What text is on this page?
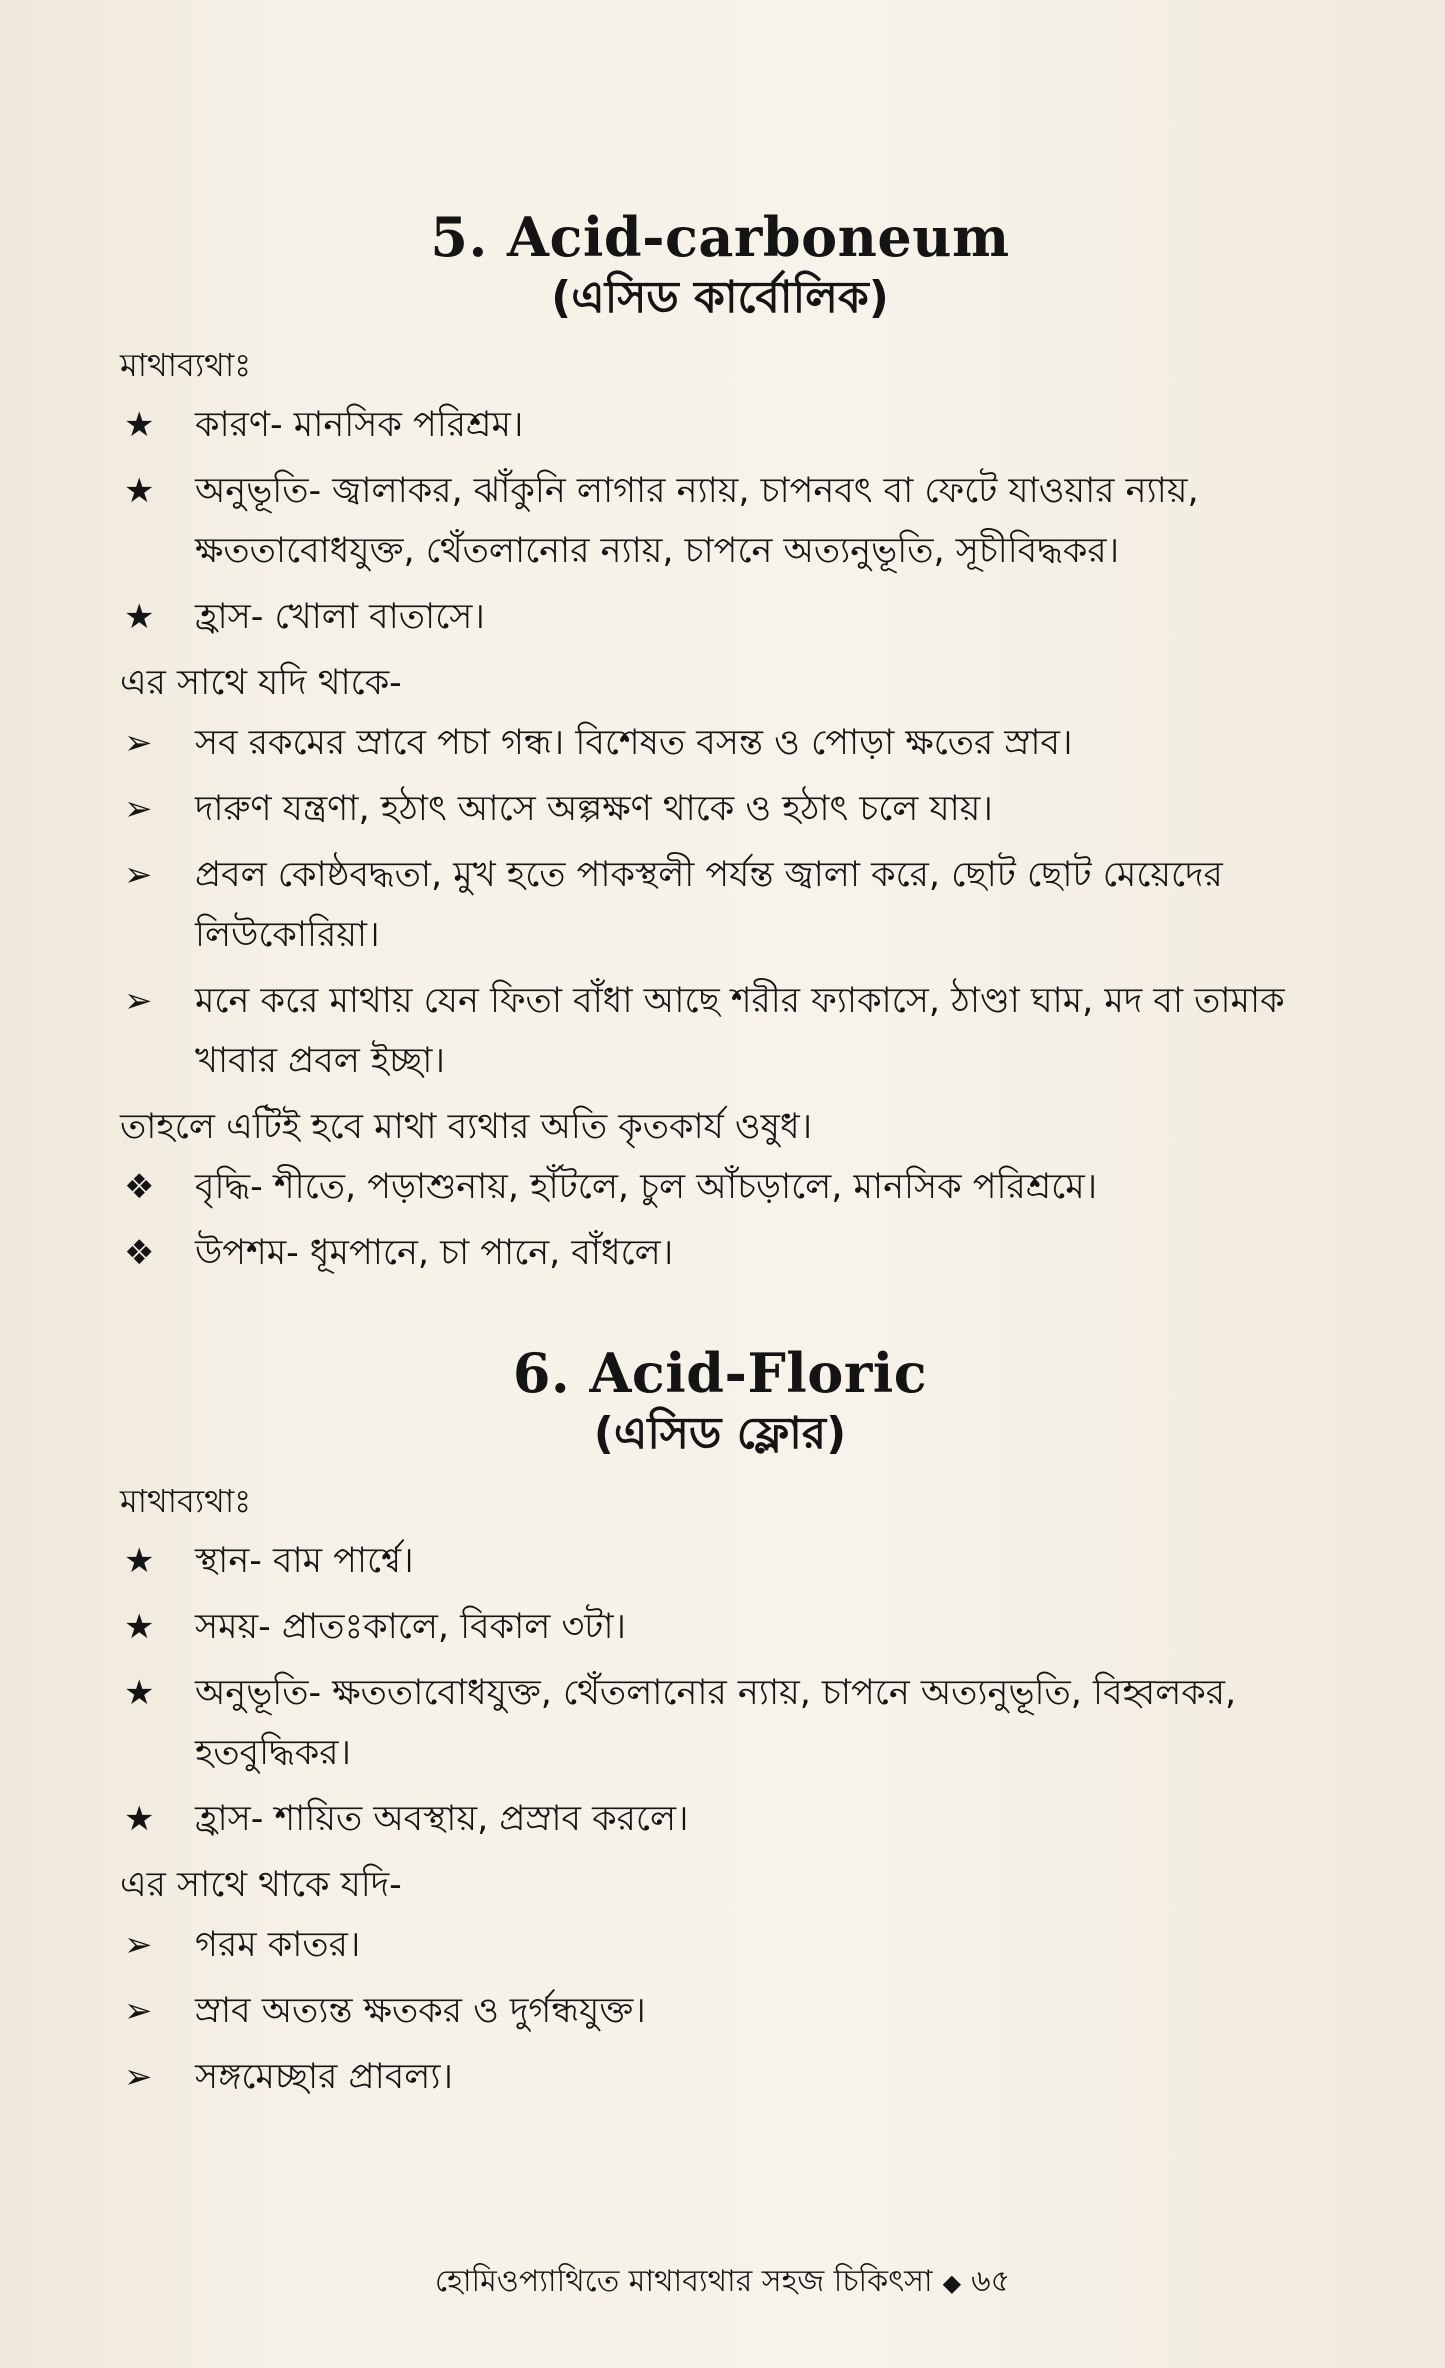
5. Acid-carboneum
(এসিড কার্বোলিক)

মাথাব্যথাঃ

★	কারণ- মানসিক পরিশ্রম।
★	অনুভূতি- জ্বালাকর, ঝাঁকুনি লাগার ন্যায়, চাপনবৎ বা ফেটে যাওয়ার ন্যায়, ক্ষততাবোধযুক্ত, থেঁতলানোর ন্যায়, চাপনে অত্যনুভূতি, সূচীবিদ্ধকর।
★	হ্রাস- খোলা বাতাসে।

এর সাথে যদি থাকে-

➢	সব রকমের স্রাবে পচা গন্ধ। বিশেষত বসন্ত ও পোড়া ক্ষতের স্রাব।
➢	দারুণ যন্ত্রণা, হঠাৎ আসে অল্পক্ষণ থাকে ও হঠাৎ চলে যায়।
➢	প্রবল কোষ্ঠবদ্ধতা, মুখ হতে পাকস্থলী পর্যন্ত জ্বালা করে, ছোট ছোট মেয়েদের লিউকোরিয়া।
➢	মনে করে মাথায় যেন ফিতা বাঁধা আছে শরীর ফ্যাকাসে, ঠাণ্ডা ঘাম, মদ বা তামাক খাবার প্রবল ইচ্ছা।

তাহলে এটিই হবে মাথা ব্যথার অতি কৃতকার্য ওষুধ।

❖	বৃদ্ধি- শীতে, পড়াশুনায়, হাঁটলে, চুল আঁচড়ালে, মানসিক পরিশ্রমে।
❖	উপশম- ধূমপানে, চা পানে, বাঁধলে।
6. Acid-Floric
(এসিড ফ্লোর)

মাথাব্যথাঃ

★	স্থান- বাম পার্শ্বে।
★	সময়- প্রাতঃকালে, বিকাল ৩টা।
★	অনুভূতি- ক্ষততাবোধযুক্ত, থেঁতলানোর ন্যায়, চাপনে অত্যনুভূতি, বিহ্বলকর, হতবুদ্ধিকর।
★	হ্রাস- শায়িত অবস্থায়, প্রস্রাব করলে।

এর সাথে থাকে যদি-

➢	গরম কাতর।
➢	স্রাব অত্যন্ত ক্ষতকর ও দুর্গন্ধযুক্ত।
➢	সঙ্গমেচ্ছার প্রাবল্য।
হোমিওপ্যাথিতে মাথাব্যথার সহজ চিকিৎসা ◆ ৬৫
